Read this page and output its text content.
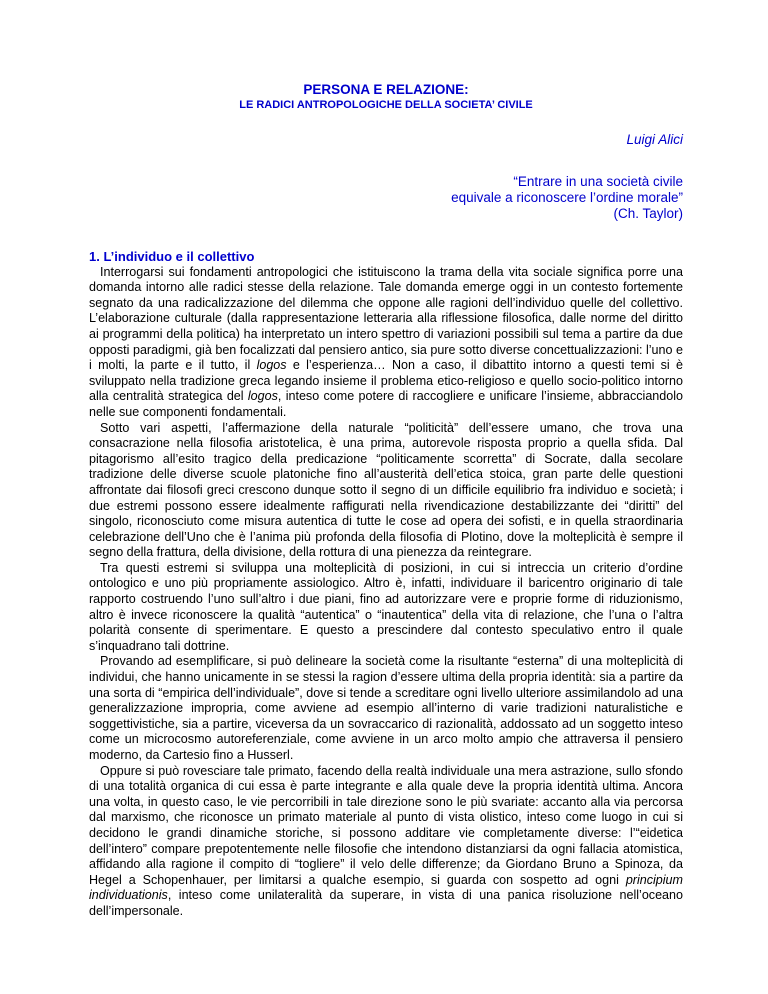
PERSONA E RELAZIONE:
LE RADICI ANTROPOLOGICHE DELLA SOCIETA’ CIVILE

Luigi Alici

“Entrare in una società civile
equivale a riconoscere l’ordine morale”
(Ch. Taylor)
1. L’individuo e il collettivo

Interrogarsi sui fondamenti antropologici che istituiscono la trama della vita sociale significa porre una domanda intorno alle radici stesse della relazione. Tale domanda emerge oggi in un contesto fortemente segnato da una radicalizzazione del dilemma che oppone alle ragioni dell’individuo quelle del collettivo. L’elaborazione culturale (dalla rappresentazione letteraria alla riflessione filosofica, dalle norme del diritto ai programmi della politica) ha interpretato un intero spettro di variazioni possibili sul tema a partire da due opposti paradigmi, già ben focalizzati dal pensiero antico, sia pure sotto diverse concettualizzazioni: l’uno e i molti, la parte e il tutto, il logos e l’esperienza… Non a caso, il dibattito intorno a questi temi si è sviluppato nella tradizione greca legando insieme il problema etico-religioso e quello socio-politico intorno alla centralità strategica del logos, inteso come potere di raccogliere e unificare l’insieme, abbracciandolo nelle sue componenti fondamentali.

Sotto vari aspetti, l’affermazione della naturale “politicità” dell’essere umano, che trova una consacrazione nella filosofia aristotelica, è una prima, autorevole risposta proprio a quella sfida. Dal pitagorismo all’esito tragico della predicazione “politicamente scorretta” di Socrate, dalla secolare tradizione delle diverse scuole platoniche fino all’austerità dell’etica stoica, gran parte delle questioni affrontate dai filosofi greci crescono dunque sotto il segno di un difficile equilibrio fra individuo e società; i due estremi possono essere idealmente raffigurati nella rivendicazione destabilizzante dei “diritti” del singolo, riconosciuto come misura autentica di tutte le cose ad opera dei sofisti, e in quella straordinaria celebrazione dell’Uno che è l’anima più profonda della filosofia di Plotino, dove la molteplicità è sempre il segno della frattura, della divisione, della rottura di una pienezza da reintegrare.

Tra questi estremi si sviluppa una molteplicità di posizioni, in cui si intreccia un criterio d’ordine ontologico e uno più propriamente assiologico. Altro è, infatti, individuare il baricentro originario di tale rapporto costruendo l’uno sull’altro i due piani, fino ad autorizzare vere e proprie forme di riduzionismo, altro è invece riconoscere la qualità “autentica” o “inautentica” della vita di relazione, che l’una o l’altra polarità consente di sperimentare. E questo a prescindere dal contesto speculativo entro il quale s’inquadrano tali dottrine.

Provando ad esemplificare, si può delineare la società come la risultante “esterna” di una molteplicità di individui, che hanno unicamente in se stessi la ragion d’essere ultima della propria identità: sia a partire da una sorta di “empirica dell’individuale”, dove si tende a screditare ogni livello ulteriore assimilandolo ad una generalizzazione impropria, come avviene ad esempio all’interno di varie tradizioni naturalistiche e soggettivistiche, sia a partire, viceversa da un sovraccarico di razionalità, addossato ad un soggetto inteso come un microcosmo autoreferenziale, come avviene in un arco molto ampio che attraversa il pensiero moderno, da Cartesio fino a Husserl.

Oppure si può rovesciare tale primato, facendo della realtà individuale una mera astrazione, sullo sfondo di una totalità organica di cui essa è parte integrante e alla quale deve la propria identità ultima. Ancora una volta, in questo caso, le vie percorribili in tale direzione sono le più svariate: accanto alla via percorsa dal marxismo, che riconosce un primato materiale al punto di vista olistico, inteso come luogo in cui si decidono le grandi dinamiche storiche, si possono additare vie completamente diverse: l’“eidetica dell’intero” compare prepotentemente nelle filosofie che intendono distanziarsi da ogni fallacia atomistica, affidando alla ragione il compito di “togliere” il velo delle differenze; da Giordano Bruno a Spinoza, da Hegel a Schopenhauer, per limitarsi a qualche esempio, si guarda con sospetto ad ogni principium individuationis, inteso come unilateralità da superare, in vista di una panica risoluzione nell’oceano dell’impersonale.
